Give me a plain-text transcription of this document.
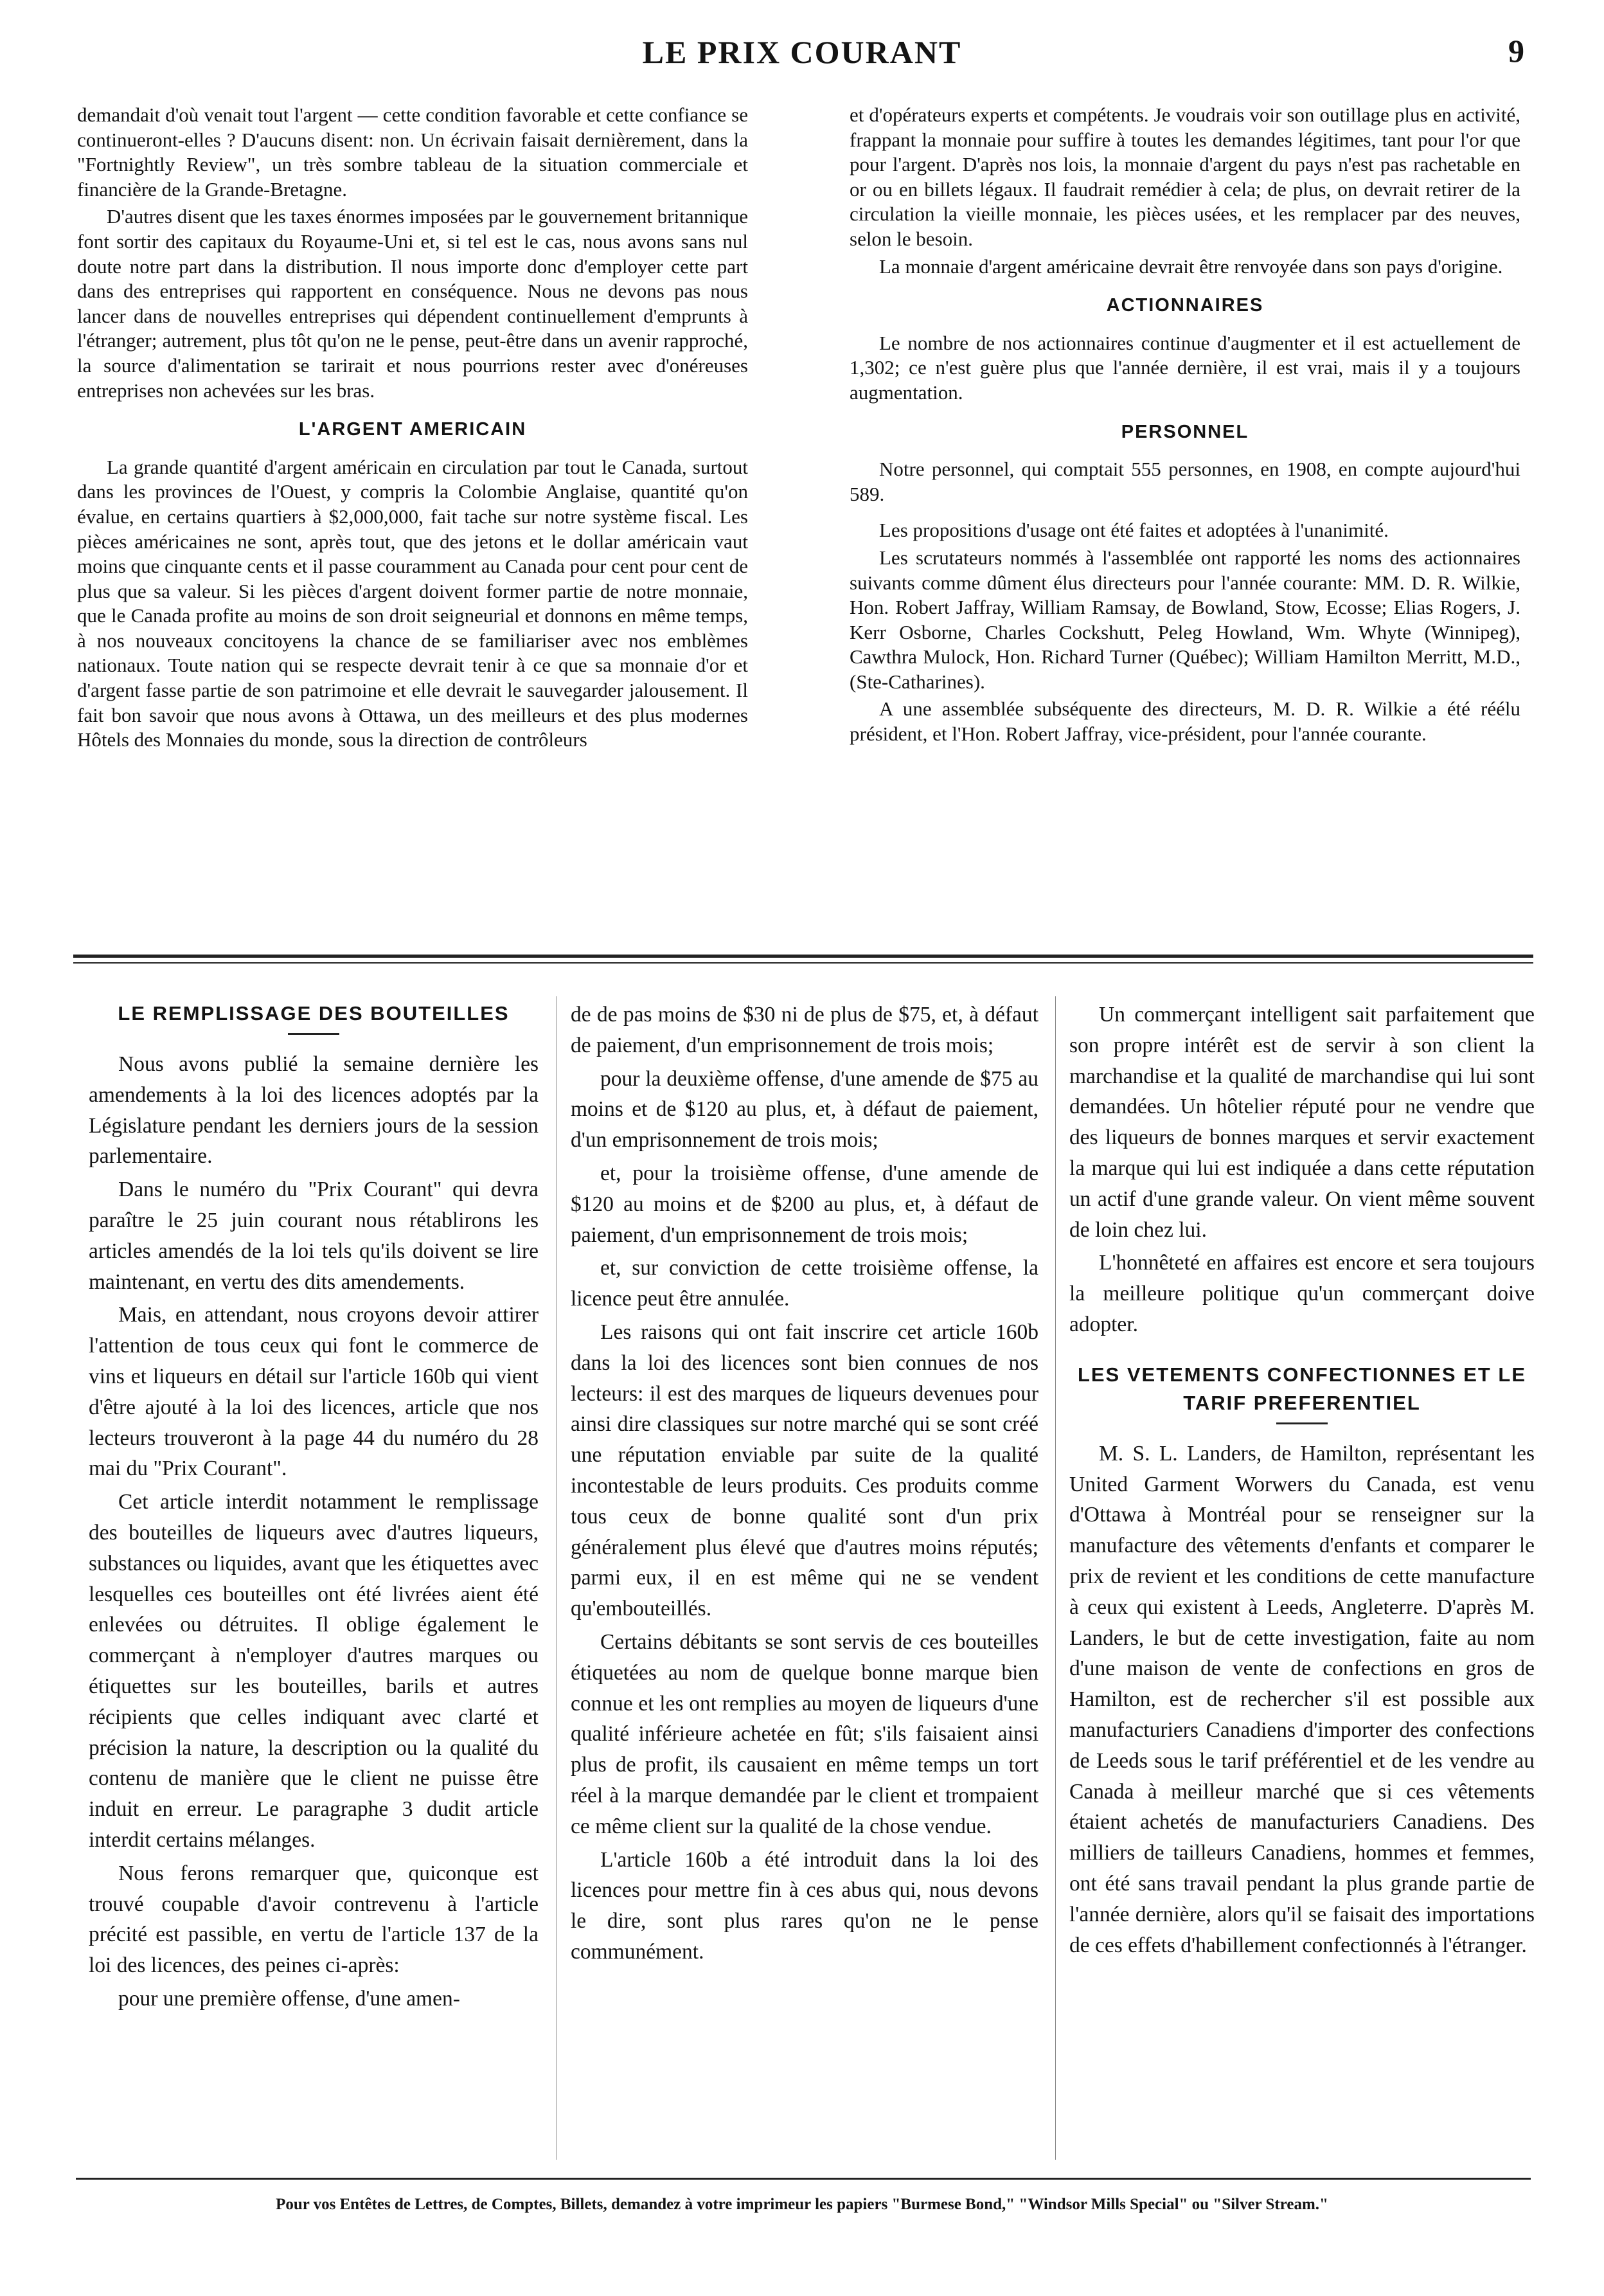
LE PRIX COURANT	9

demandait d'où venait tout l'argent — cette condition favorable et cette confiance se continueront-elles ? D'aucuns disent: non. Un écrivain faisait dernièrement, dans la "Fortnightly Review", un très sombre tableau de la situation commerciale et financière de la Grande-Bretagne.

D'autres disent que les taxes énormes imposées par le gouvernement britannique font sortir des capitaux du Royaume-Uni et, si tel est le cas, nous avons sans nul doute notre part dans la distribution. Il nous importe donc d'employer cette part dans des entreprises qui rapportent en conséquence. Nous ne devons pas nous lancer dans de nouvelles entreprises qui dépendent continuellement d'emprunts à l'étranger; autrement, plus tôt qu'on ne le pense, peut-être dans un avenir rapproché, la source d'alimentation se tarirait et nous pourrions rester avec d'onéreuses entreprises non achevées sur les bras.

L'ARGENT AMERICAIN

La grande quantité d'argent américain en circulation par tout le Canada, surtout dans les provinces de l'Ouest, y compris la Colombie Anglaise, quantité qu'on évalue, en certains quartiers à $2,000,000, fait tache sur notre système fiscal. Les pièces américaines ne sont, après tout, que des jetons et le dollar américain vaut moins que cinquante cents et il passe couramment au Canada pour cent pour cent de plus que sa valeur. Si les pièces d'argent doivent former partie de notre monnaie, que le Canada profite au moins de son droit seigneurial et donnons en même temps, à nos nouveaux concitoyens la chance de se familiariser avec nos emblèmes nationaux. Toute nation qui se respecte devrait tenir à ce que sa monnaie d'or et d'argent fasse partie de son patrimoine et elle devrait le sauvegarder jalousement. Il fait bon savoir que nous avons à Ottawa, un des meilleurs et des plus modernes Hôtels des Monnaies du monde, sous la direction de contrôleurs

et d'opérateurs experts et compétents. Je voudrais voir son outillage plus en activité, frappant la monnaie pour suffire à toutes les demandes légitimes, tant pour l'or que pour l'argent. D'après nos lois, la monnaie d'argent du pays n'est pas rachetable en or ou en billets légaux. Il faudrait remédier à cela; de plus, on devrait retirer de la circulation la vieille monnaie, les pièces usées, et les remplacer par des neuves, selon le besoin.

La monnaie d'argent américaine devrait être renvoyée dans son pays d'origine.

ACTIONNAIRES

Le nombre de nos actionnaires continue d'augmenter et il est actuellement de 1,302; ce n'est guère plus que l'année dernière, il est vrai, mais il y a toujours augmentation.

PERSONNEL

Notre personnel, qui comptait 555 personnes, en 1908, en compte aujourd'hui 589.

Les propositions d'usage ont été faites et adoptées à l'unanimité.

Les scrutateurs nommés à l'assemblée ont rapporté les noms des actionnaires suivants comme dûment élus directeurs pour l'année courante: MM. D. R. Wilkie, Hon. Robert Jaffray, William Ramsay, de Bowland, Stow, Ecosse; Elias Rogers, J. Kerr Osborne, Charles Cockshutt, Peleg Howland, Wm. Whyte (Winnipeg), Cawthra Mulock, Hon. Richard Turner (Québec); William Hamilton Merritt, M.D., (Ste-Catharines).

A une assemblée subséquente des directeurs, M. D. R. Wilkie a été réélu président, et l'Hon. Robert Jaffray, vice-président, pour l'année courante.

LE REMPLISSAGE DES BOUTEILLES

Nous avons publié la semaine dernière les amendements à la loi des licences adoptés par la Législature pendant les derniers jours de la session parlementaire.

Dans le numéro du "Prix Courant" qui devra paraître le 25 juin courant nous rétablirons les articles amendés de la loi tels qu'ils doivent se lire maintenant, en vertu des dits amendements.

Mais, en attendant, nous croyons devoir attirer l'attention de tous ceux qui font le commerce de vins et liqueurs en détail sur l'article 160b qui vient d'être ajouté à la loi des licences, article que nos lecteurs trouveront à la page 44 du numéro du 28 mai du "Prix Courant".

Cet article interdit notamment le remplissage des bouteilles de liqueurs avec d'autres liqueurs, substances ou liquides, avant que les étiquettes avec lesquelles ces bouteilles ont été livrées aient été enlevées ou détruites. Il oblige également le commerçant à n'employer d'autres marques ou étiquettes sur les bouteilles, barils et autres récipients que celles indiquant avec clarté et précision la nature, la description ou la qualité du contenu de manière que le client ne puisse être induit en erreur. Le paragraphe 3 dudit article interdit certains mélanges.

Nous ferons remarquer que, quiconque est trouvé coupable d'avoir contrevenu à l'article précité est passible, en vertu de l'article 137 de la loi des licences, des peines ci-après:

pour une première offense, d'une amen-

de de pas moins de $30 ni de plus de $75, et, à défaut de paiement, d'un emprisonnement de trois mois;

pour la deuxième offense, d'une amende de $75 au moins et de $120 au plus, et, à défaut de paiement, d'un emprisonnement de trois mois;

et, pour la troisième offense, d'une amende de $120 au moins et de $200 au plus, et, à défaut de paiement, d'un emprisonnement de trois mois;

et, sur conviction de cette troisième offense, la licence peut être annulée.

Les raisons qui ont fait inscrire cet article 160b dans la loi des licences sont bien connues de nos lecteurs: il est des marques de liqueurs devenues pour ainsi dire classiques sur notre marché qui se sont créé une réputation enviable par suite de la qualité incontestable de leurs produits. Ces produits comme tous ceux de bonne qualité sont d'un prix généralement plus élevé que d'autres moins réputés; parmi eux, il en est même qui ne se vendent qu'embouteillés.

Certains débitants se sont servis de ces bouteilles étiquetées au nom de quelque bonne marque bien connue et les ont remplies au moyen de liqueurs d'une qualité inférieure achetée en fût; s'ils faisaient ainsi plus de profit, ils causaient en même temps un tort réel à la marque demandée par le client et trompaient ce même client sur la qualité de la chose vendue.

L'article 160b a été introduit dans la loi des licences pour mettre fin à ces abus qui, nous devons le dire, sont plus rares qu'on ne le pense communément.

Un commerçant intelligent sait parfaitement que son propre intérêt est de servir à son client la marchandise et la qualité de marchandise qui lui sont demandées. Un hôtelier réputé pour ne vendre que des liqueurs de bonnes marques et servir exactement la marque qui lui est indiquée a dans cette réputation un actif d'une grande valeur. On vient même souvent de loin chez lui.

L'honnêteté en affaires est encore et sera toujours la meilleure politique qu'un commerçant doive adopter.

LES VETEMENTS CONFECTIONNES ET LE TARIF PREFERENTIEL

M. S. L. Landers, de Hamilton, représentant les United Garment Worwers du Canada, est venu d'Ottawa à Montréal pour se renseigner sur la manufacture des vêtements d'enfants et comparer le prix de revient et les conditions de cette manufacture à ceux qui existent à Leeds, Angleterre. D'après M. Landers, le but de cette investigation, faite au nom d'une maison de vente de confections en gros de Hamilton, est de rechercher s'il est possible aux manufacturiers Canadiens d'importer des confections de Leeds sous le tarif préférentiel et de les vendre au Canada à meilleur marché que si ces vêtements étaient achetés de manufacturiers Canadiens. Des milliers de tailleurs Canadiens, hommes et femmes, ont été sans travail pendant la plus grande partie de l'année dernière, alors qu'il se faisait des importations de ces effets d'habillement confectionnés à l'étranger.

Pour vos Entêtes de Lettres, de Comptes, Billets, demandez à votre imprimeur les papiers "Burmese Bond," "Windsor Mills Special" ou "Silver Stream."
